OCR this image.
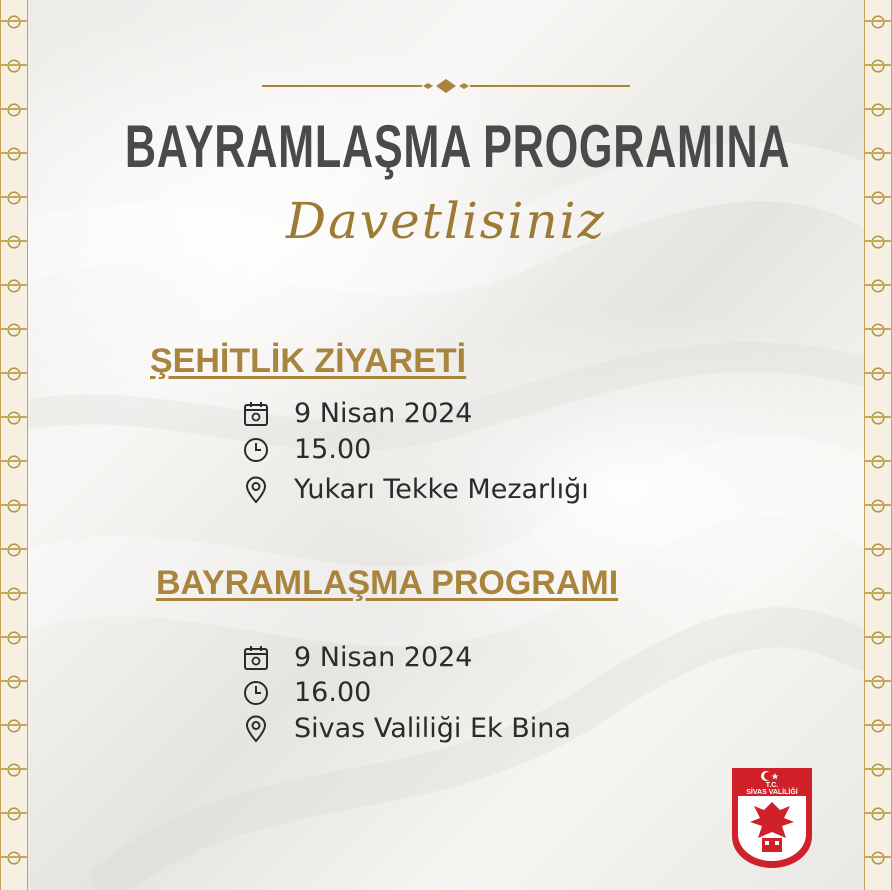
BAYRAMLAŞMA PROGRAMINA
Davetlisiniz
ŞEHİTLİK ZİYARETİ
9 Nisan 2024
15.00
Yukarı Tekke Mezarlığı
BAYRAMLAŞMA PROGRAMI
9 Nisan 2024
16.00
Sivas Valiliği Ek Bina
T.C.
SİVAS VALİLİĞİ
